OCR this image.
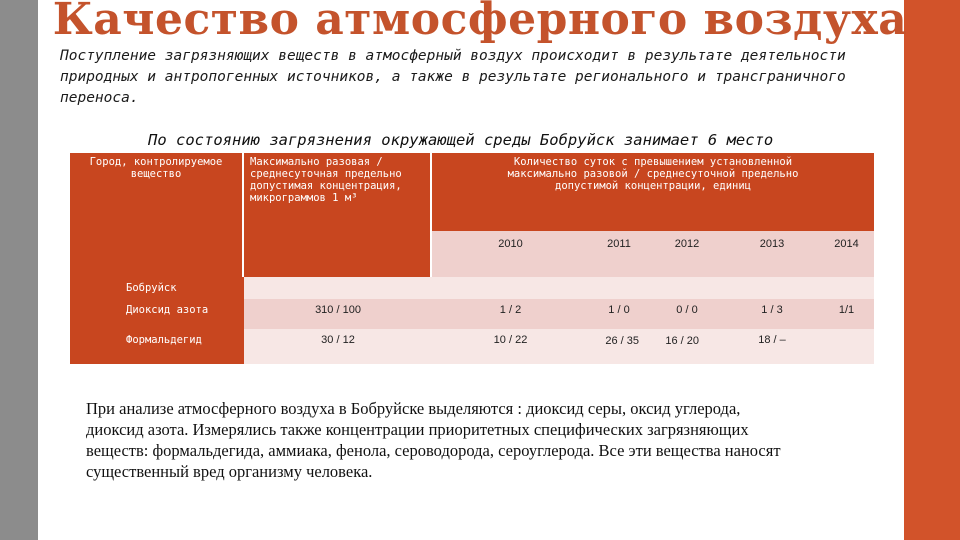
Качество атмосферного воздуха
Поступление загрязняющих веществ в атмосферный воздух происходит в результате деятельности природных и антропогенных источников, а также в результате регионального и трансграничного переноса.
По состоянию загрязнения окружающей среды Бобруйск занимает 6 место
Город, контролируемое вещество
Максимально разовая / среднесуточная предельно допустимая концентрация, микрограммов 1 м³
Количество суток с превышением установленной максимально разовой / среднесуточной предельно допустимой концентрации, единиц
2010	2011	2012	2013	2014
Бобруйск
Диоксид азота	310 / 100	1 / 2	1 / 0	0 / 0	1 / 3	1/1
Формальдегид	30 / 12	10 / 22	26 / 35	16 / 20	18 / –
При анализе атмосферного воздуха в Бобруйске выделяются : диоксид серы, оксид углерода, диоксид азота. Измерялись также концентрации приоритетных специфических загрязняющих веществ: формальдегида, аммиака, фенола, сероводорода, сероуглерода. Все эти вещества наносят существенный вред организму человека.
